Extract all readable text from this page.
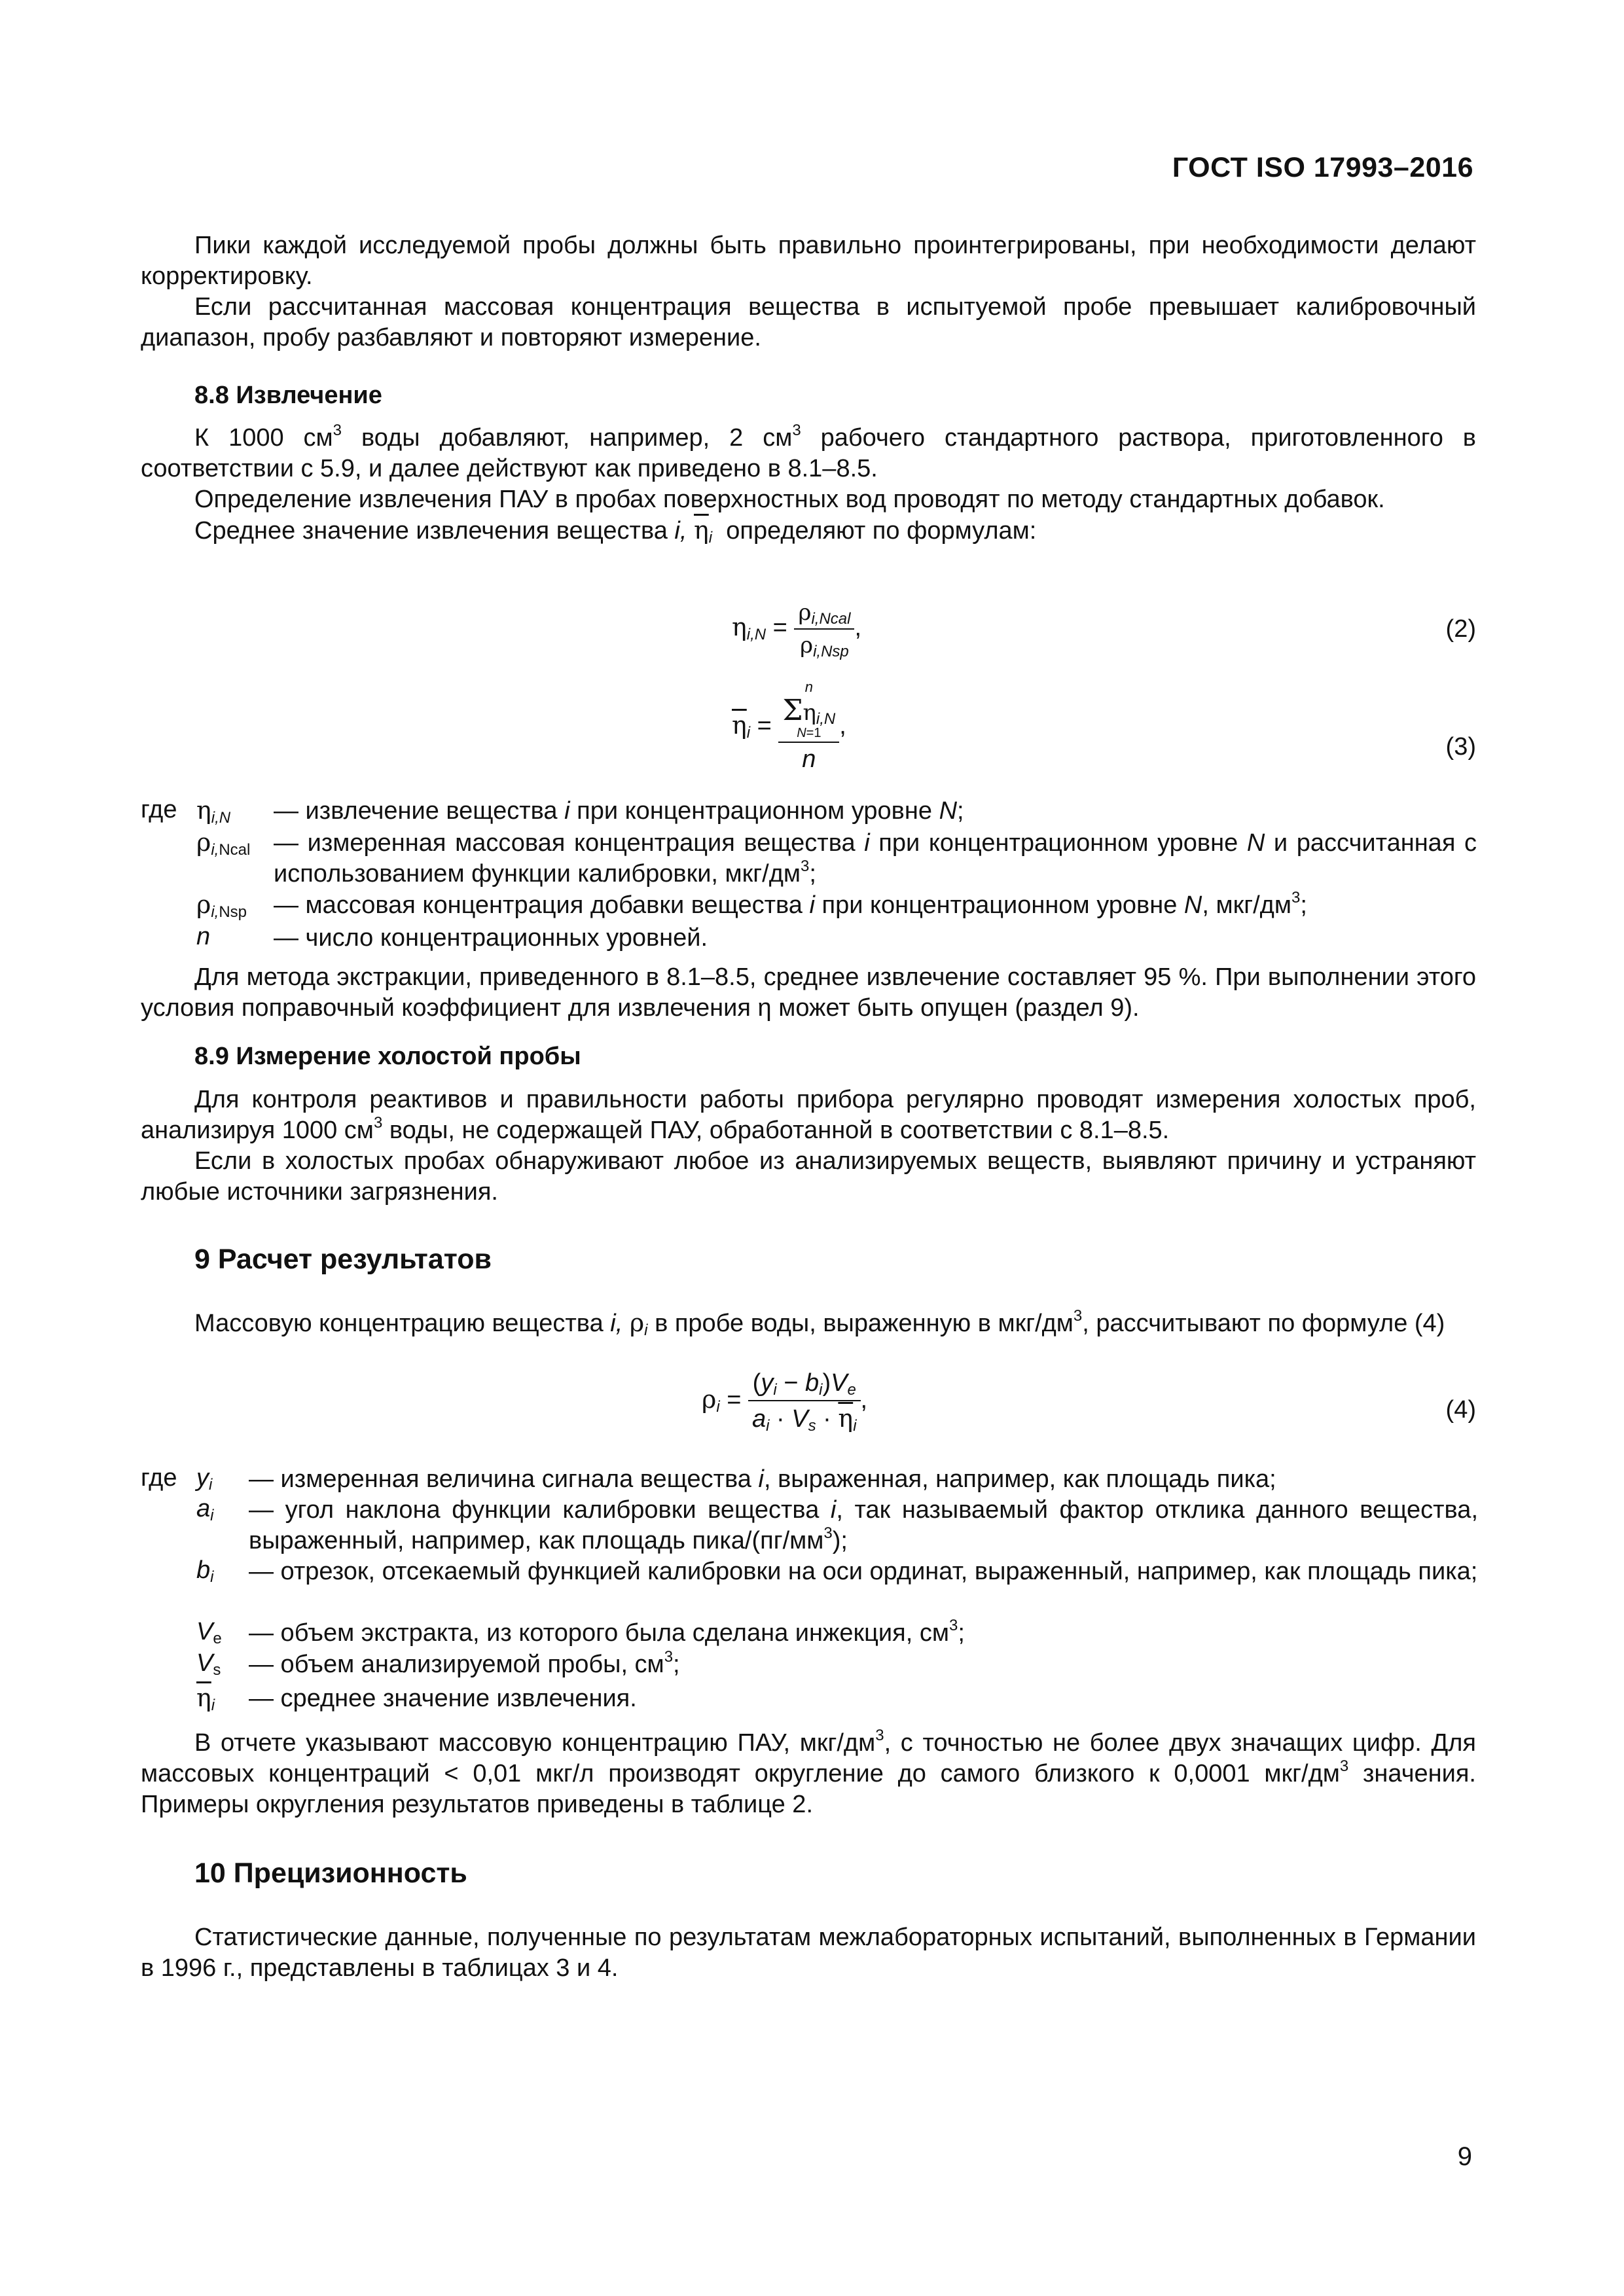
ГОСТ ISO 17993–2016

Пики каждой исследуемой пробы должны быть правильно проинтегрированы, при необходимости делают корректировку.

Если рассчитанная массовая концентрация вещества в испытуемой пробе превышает калибровочный диапазон, пробу разбавляют и повторяют измерение.

8.8 Извлечение

К 1000 $см^3$ воды добавляют, например, 2 $см^3$ рабочего стандартного раствора, приготовленного в соответствии с 5.9, и далее действуют как приведено в 8.1–8.5.

Определение извлечения ПАУ в пробах поверхностных вод проводят по методу стандартных добавок.

Среднее значение извлечения вещества i, $\overline{\eta}_i$ определяют по формулам:

$\eta_{i,N} = \frac{\rho_{i,Ncal}}{\rho_{i,Nsp}}$ ,	(2)
$\overline{\eta}_i = n$
$\Sigma\eta_{i,N}$
N=1
n ,
(3)
где $\eta_{i,N}$ — извлечение вещества i при концентрационном уровне N;
$\rho_{i,Ncal}$ — измеренная массовая концентрация вещества i при концентрационном уровне N и рассчитанная с использованием функции калибровки, мкг/$дм^3$;
$\rho_{i,Nsp}$ — массовая концентрация добавки вещества i при концентрационном уровне N, мкг/$дм^3$;
n	— число концентрационных уровней.

Для метода экстракции, приведенного в 8.1–8.5, среднее извлечение составляет 95 %. При выполнении этого условия поправочный коэффициент для извлечения η может быть опущен (раздел 9).

8.9 Измерение холостой пробы

Для контроля реактивов и правильности работы прибора регулярно проводят измерения холостых проб, анализируя 1000 $см^3$ воды, не содержащей ПАУ, обработанной в соответствии с 8.1–8.5.

Если в холостых пробах обнаруживают любое из анализируемых веществ, выявляют причину и устраняют любые источники загрязнения.

9 Расчет результатов

Массовую концентрацию вещества i, $\rho_i$ в пробе воды, выраженную в мкг/$дм^3$, рассчитывают по формуле (4)

$\rho_i = \frac{(y_i - b_i)V_e}{a_i \cdot V_s \cdot \overline{\eta}_i}$ ,	(4)
где $y_i$ — измеренная величина сигнала вещества i, выраженная, например, как площадь пика;
$a_i$ — угол наклона функции калибровки вещества i, так называемый фактор отклика данного вещества, выраженный, например, как площадь пика/$(пг/мм^3)$;
$b_i$ — отрезок, отсекаемый функцией калибровки на оси ординат, выраженный, например, как площадь пика;
$V_e$ — объем экстракта, из которого была сделана инжекция, $см^3$;
$V_s$ — объем анализируемой пробы, $см^3$;
$\overline{\eta}_i$ — среднее значение извлечения.

В отчете указывают массовую концентрацию ПАУ, мкг/$дм^3$, с точностью не более двух значащих цифр. Для массовых концентраций < 0,01 мкг/л производят округление до самого близкого к 0,0001 мкг/$дм^3$ значения. Примеры округления результатов приведены в таблице 2.

10 Прецизионность

Статистические данные, полученные по результатам межлабораторных испытаний, выполненных в Германии в 1996 г., представлены в таблицах 3 и 4.

9
